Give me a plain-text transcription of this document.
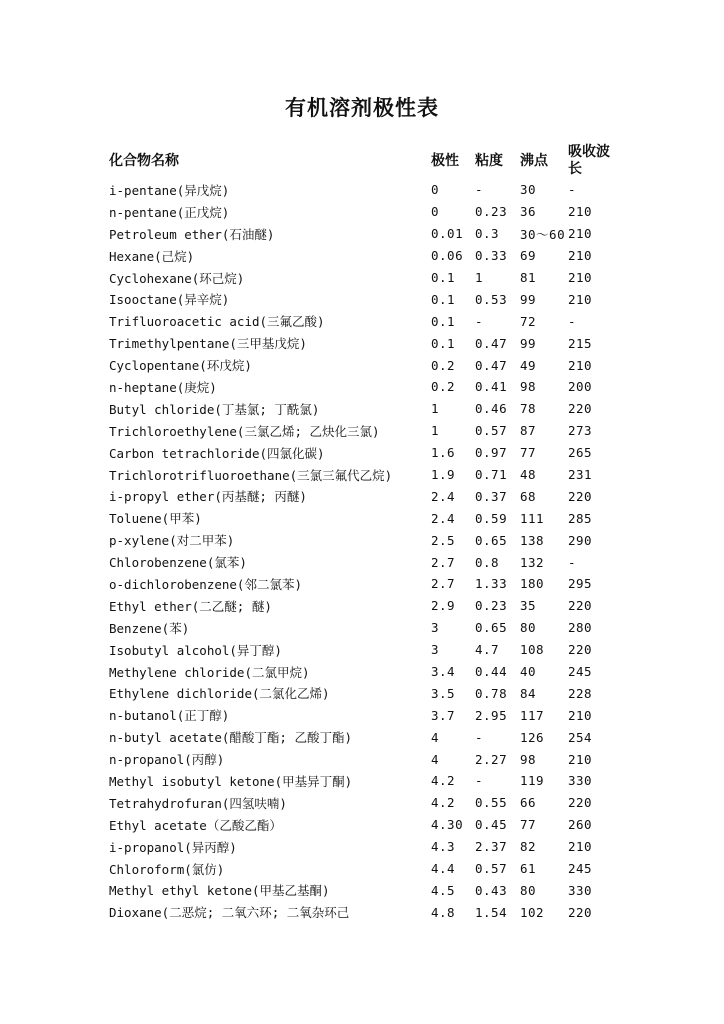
有机溶剂极性表
化合物名称	极性	粘度	沸点	吸收波长
i-pentane(异戊烷)	0	-	30	-
n-pentane(正戊烷)	0	0.23	36	210
Petroleum ether(石油醚)	0.01	0.3	30～60	210
Hexane(己烷)	0.06	0.33	69	210
Cyclohexane(环己烷)	0.1	1	81	210
Isooctane(异辛烷)	0.1	0.53	99	210
Trifluoroacetic acid(三氟乙酸)	0.1	-	72	-
Trimethylpentane(三甲基戊烷)	0.1	0.47	99	215
Cyclopentane(环戊烷)	0.2	0.47	49	210
n-heptane(庚烷)	0.2	0.41	98	200
Butyl chloride(丁基氯; 丁酰氯)	1	0.46	78	220
Trichloroethylene(三氯乙烯; 乙炔化三氯)	1	0.57	87	273
Carbon tetrachloride(四氯化碳)	1.6	0.97	77	265
Trichlorotrifluoroethane(三氯三氟代乙烷)	1.9	0.71	48	231
i-propyl ether(丙基醚; 丙醚)	2.4	0.37	68	220
Toluene(甲苯)	2.4	0.59	111	285
p-xylene(对二甲苯)	2.5	0.65	138	290
Chlorobenzene(氯苯)	2.7	0.8	132	-
o-dichlorobenzene(邻二氯苯)	2.7	1.33	180	295
Ethyl ether(二乙醚; 醚)	2.9	0.23	35	220
Benzene(苯)	3	0.65	80	280
Isobutyl alcohol(异丁醇)	3	4.7	108	220
Methylene chloride(二氯甲烷)	3.4	0.44	40	245
Ethylene dichloride(二氯化乙烯)	3.5	0.78	84	228
n-butanol(正丁醇)	3.7	2.95	117	210
n-butyl acetate(醋酸丁酯; 乙酸丁酯)	4	-	126	254
n-propanol(丙醇)	4	2.27	98	210
Methyl isobutyl ketone(甲基异丁酮)	4.2	-	119	330
Tetrahydrofuran(四氢呋喃)	4.2	0.55	66	220
Ethyl acetate（乙酸乙酯）	4.30	0.45	77	260
i-propanol(异丙醇)	4.3	2.37	82	210
Chloroform(氯仿)	4.4	0.57	61	245
Methyl ethyl ketone(甲基乙基酮)	4.5	0.43	80	330
Dioxane(二恶烷; 二氧六环; 二氧杂环己	4.8	1.54	102	220
